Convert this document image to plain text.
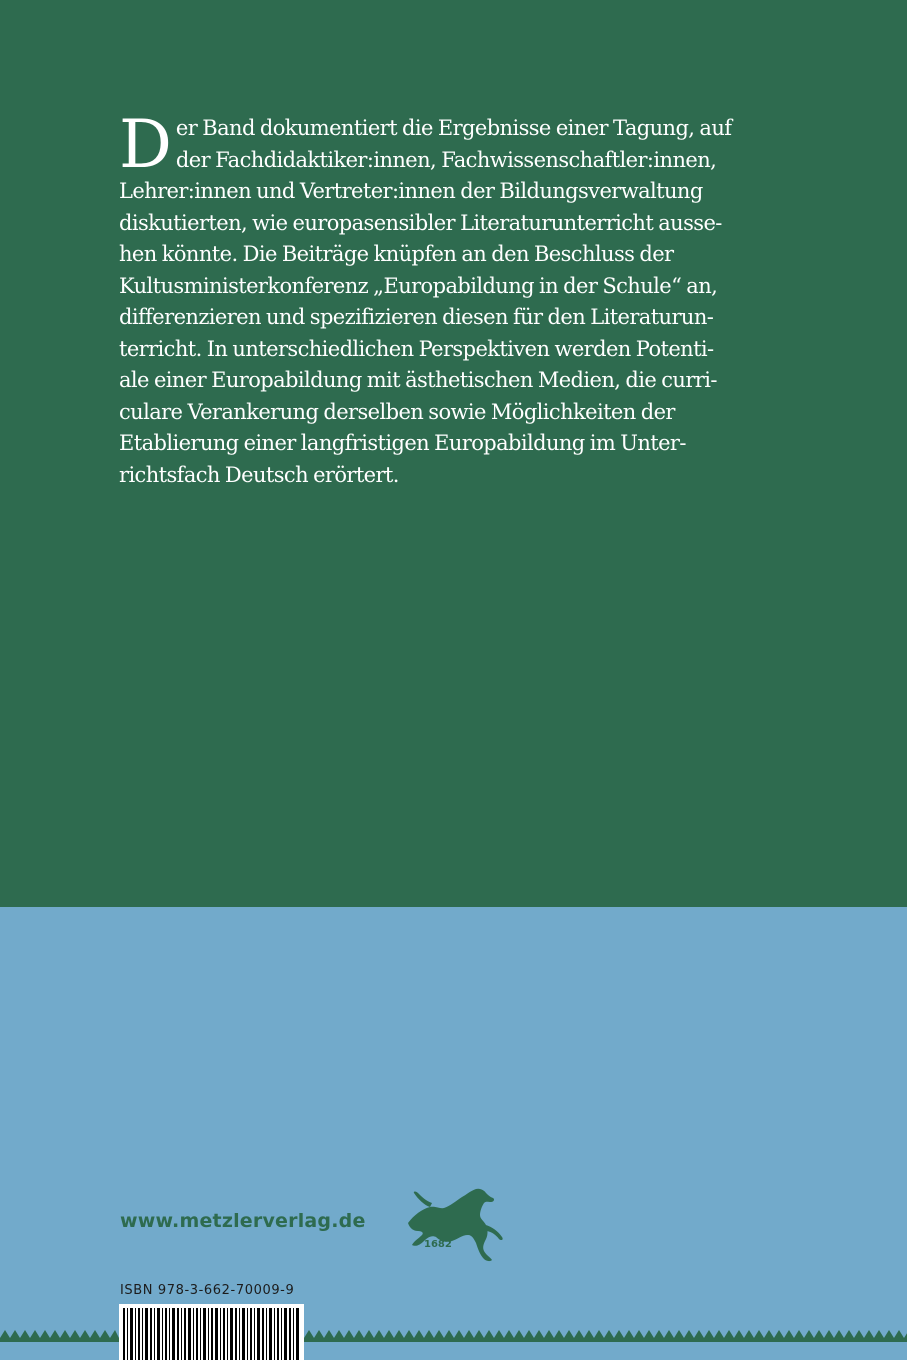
D er Band dokumentiert die Ergebnisse einer Tagung, auf
der Fachdidaktiker:innen, Fachwissenschaftler:innen,
Lehrer:innen und Vertreter:innen der Bildungsverwaltung
diskutierten, wie europasensibler Literaturunterricht ausse-
hen könnte. Die Beiträge knüpfen an den Beschluss der
Kultusministerkonferenz „Europabildung in der Schule“ an,
differenzieren und spezifizieren diesen für den Literaturun-
terricht. In unterschiedlichen Perspektiven werden Potenti-
ale einer Europabildung mit ästhetischen Medien, die curri-
culare Verankerung derselben sowie Möglichkeiten der
Etablierung einer langfristigen Europabildung im Unter-
richtsfach Deutsch erörtert.

www.metzlerverlag.de
1682
ISBN 978-3-662-70009-9
